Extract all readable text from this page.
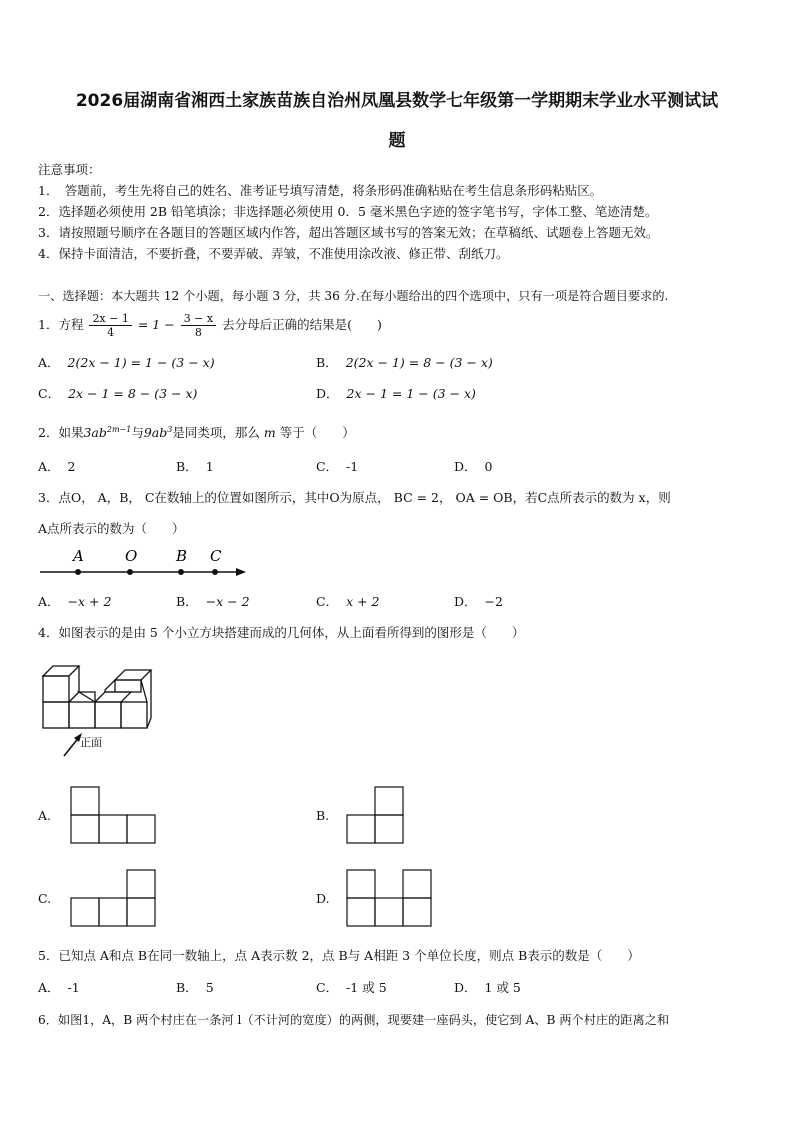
2026届湖南省湘西土家族苗族自治州凤凰县数学七年级第一学期期末学业水平测试试
题
注意事项：
1．　答题前，考生先将自己的姓名、准考证号填写清楚，将条形码准确粘贴在考生信息条形码粘贴区。
2．选择题必须使用 2B 铅笔填涂；非选择题必须使用 0．5 毫米黑色字迹的签字笔书写，字体工整、笔迹清楚。
3．请按照题号顺序在各题目的答题区域内作答，超出答题区域书写的答案无效；在草稿纸、试题卷上答题无效。
4．保持卡面清洁，不要折叠，不要弄破、弄皱，不准使用涂改液、修正带、刮纸刀。
一、选择题：本大题共 12 个小题，每小题 3 分，共 36 分.在每小题给出的四个选项中，只有一项是符合题目要求的.
1．方程 $\frac{2x - 1}{4} = 1 - \frac{3 - x}{8}$ 去分母后正确的结果是(　　)
A． 2(2x − 1) = 1 − (3 − x)	B． 2(2x − 1) = 8 − (3 − x)
C． 2x − 1 = 8 − (3 − x)	D． 2x − 1 = 1 − (3 − x)
2．如果$3ab^{2m-1}$与$9ab^3$是同类项，那么 m 等于（　　）
A． 2	B． 1	C． -1	D． 0
3．点O， A，B， C在数轴上的位置如图所示，其中O为原点， BC = 2， OA = OB，若C点所表示的数为 x，则
A点所表示的数为（　　）
A	O	B C
A． −x + 2	B． −x − 2	C． x + 2	D． −2
4．如图表示的是由 5 个小立方块搭建而成的几何体，从上面看所得到的图形是（　　）
正面
A.	B.
C.	D.
5．已知点 A和点 B在同一数轴上，点 A表示数 2，点 B与 A相距 3 个单位长度，则点 B表示的数是（　　）
A． -1	B． 5	C． -1 或 5	D． 1 或 5
6．如图1，A，B 两个村庄在一条河 l（不计河的宽度）的两侧，现要建一座码头，使它到 A、B 两个村庄的距离之和
